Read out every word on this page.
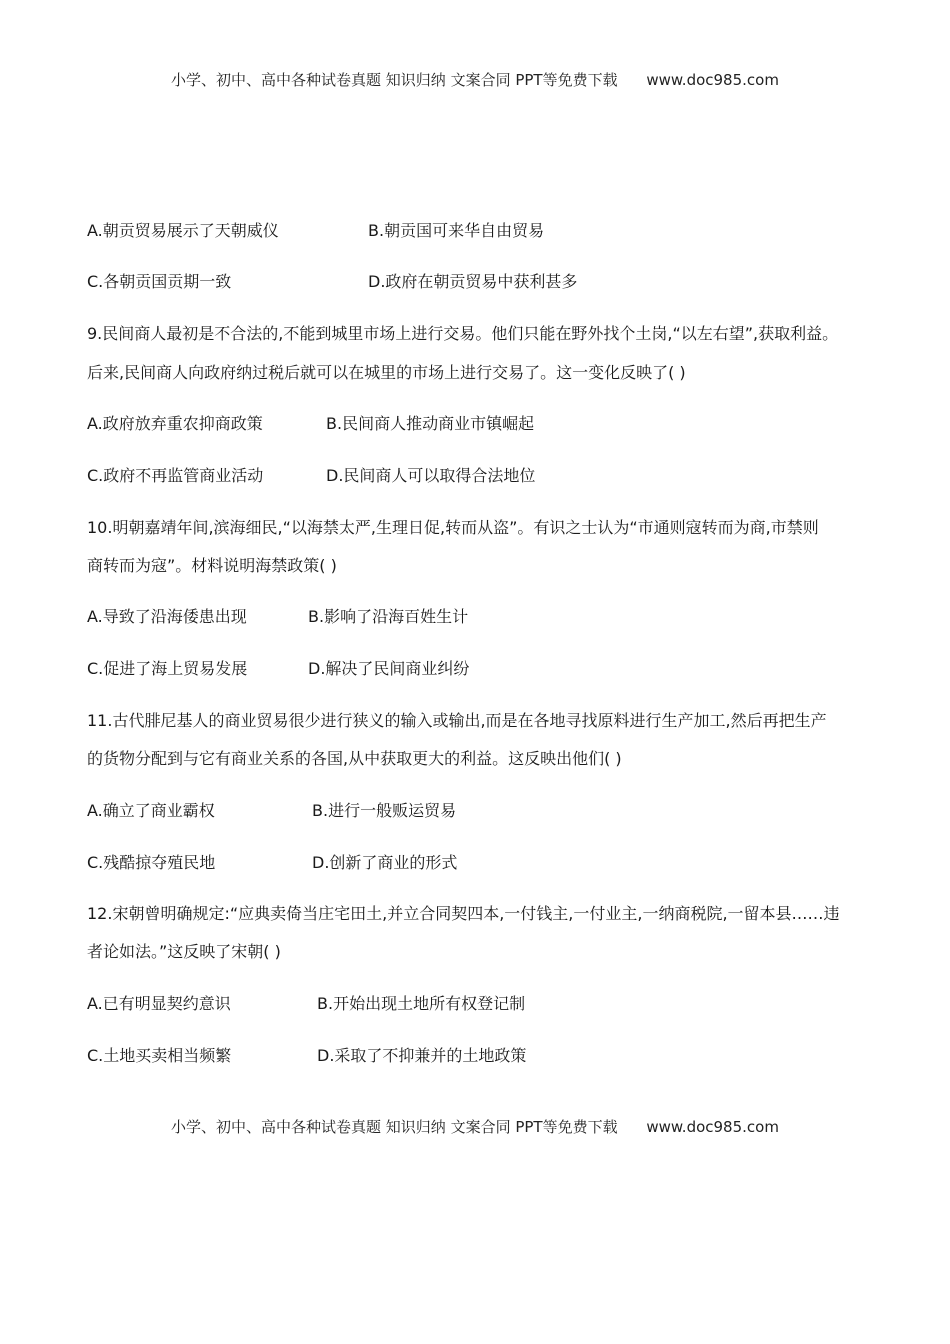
小学、初中、高中各种试卷真题 知识归纳 文案合同 PPT等免费下载 www.doc985.com
A.朝贡贸易展示了天朝威仪	B.朝贡国可来华自由贸易
C.各朝贡国贡期一致	D.政府在朝贡贸易中获利甚多
9.民间商人最初是不合法的,不能到城里市场上进行交易。他们只能在野外找个土岗,“以左右望”,获取利益。
后来,民间商人向政府纳过税后就可以在城里的市场上进行交易了。这一变化反映了( )
A.政府放弃重农抑商政策	B.民间商人推动商业市镇崛起
C.政府不再监管商业活动	D.民间商人可以取得合法地位
10.明朝嘉靖年间,滨海细民,“以海禁太严,生理日促,转而从盗”。有识之士认为“市通则寇转而为商,市禁则
商转而为寇”。材料说明海禁政策( )
A.导致了沿海倭患出现	B.影响了沿海百姓生计
C.促进了海上贸易发展	D.解决了民间商业纠纷
11.古代腓尼基人的商业贸易很少进行狭义的输入或输出,而是在各地寻找原料进行生产加工,然后再把生产
的货物分配到与它有商业关系的各国,从中获取更大的利益。这反映出他们( )
A.确立了商业霸权	B.进行一般贩运贸易
C.残酷掠夺殖民地	D.创新了商业的形式
12.宋朝曾明确规定:“应典卖倚当庄宅田土,并立合同契四本,一付钱主,一付业主,一纳商税院,一留本县……违
者论如法。”这反映了宋朝( )
A.已有明显契约意识	B.开始出现土地所有权登记制
C.土地买卖相当频繁	D.采取了不抑兼并的土地政策
小学、初中、高中各种试卷真题 知识归纳 文案合同 PPT等免费下载 www.doc985.com
